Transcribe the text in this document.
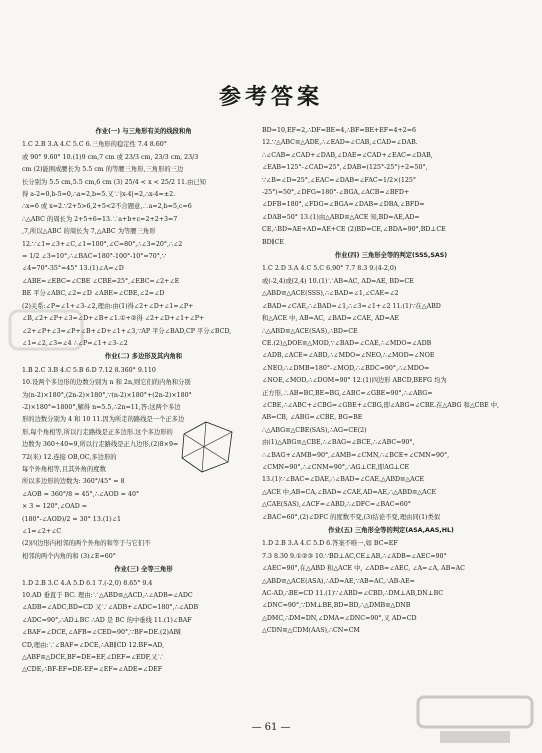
参考答案
作业(一) 与三角形有关的线段和角
1.C 2.B 3.A 4.C 5.C 6.三角形的稳定性 7.4 8.60°
或 90° 9.60° 10.(1)9 cm,7 cm 或 23/3 cm, 23/3 cm, 23/3
cm (2)能围成腰长为 5.5 cm 的等腰三角形,三角形的三边
长分别为 5.5 cm,5.5 cm,6 cm (3) 25/4 < x < 25/2 11.由已知
得 a-2=0,b-5=0,∴a=2,b=5.又∵|x-4|=2,∴x-4=±2.
∴x=6 或 x=2.∵2+5>6,2+5<2不合题意,∴a=2,b=5,c=6
∴△ABC 的周长为 2+5+6=13.∵a+b+c=2+2+3=7
,7,所以△ABC 的周长为 7,△ABC 为等腰三角形
12.∵∠1=∠3+∠C,∠1=100°,∠C=80°,∴∠3=20°,∴∠2
= 1/2 ∠3=10°,∴∠BAC=180°-100°-10°=70°,∵
∠4=70°-35°=45° 13.(1)∠A=∠D
∠ABE=∠EBC=∠CBE ∠CBE=25°,∠EBC=∠2+∠E
BE 平分∠ABC,∠2=∠D ∠ABE=∠CBE,∠2=∠D
(2)关系:∠P=∠1+∠3-∠2,理由:由(1)得∠2+∠D+∠1=∠P+
∠B,∠2+∠P+∠3=∠D+∠B+∠1.①+②得 ∠2+∠D+∠1+∠P+
∠2+∠P+∠3=∠P+∠B+∠D+∠1+∠3,∵AP 平分∠BAD,CP 平分∠BCD,
∠1=∠2,∠3=∠4 ∴∠P=∠1+∠3-∠2
作业(二) 多边形及其内角和
1.B 2.C 3.B 4.C 5.B 6.D 7.12 8.360° 9.110
10.设两个多边形的边数分别为 n 和 2n,则它们的内角和分别
为(n-2)×180°,(2n-2)×180°,∵(n-2)×180°+(2n-2)×180°
-2)×180°=1800°,解得 n=5.5,∴2n=11,答:这两个多边
形的边数分别为 4 和 10 11.因为所走的路线是一个正多边
形,每个角相等,所以行走路线是正多边形.这个多边形的
边数为 360÷40=9,所以行走路线是正九边形,(2)8×9=
72(米) 12.连接 OB,OC,多边形的
每个外角相等,且其外角的度数
所以多边形的边数为: 360°/45° = 8
∠AOB = 360°/8 = 45°,∴∠AOD = 40°
× 3 = 120°,∠OAD =
(180°-∠AOD)/2 = 30° 13.(1)∠1
∠1=∠2+∠C
(2)四边形内相邻的两个外角的和等于与它们不
相邻的两个内角的和 (3)∠E=60°
作业(三) 全等三角形
1.D 2.B 3.C 4.A 5.D 6.1 7.(-2,0) 8.65° 9.4
10.AD 垂直于 BC. 理由:∵△ABD≌△ACD,∴∠ADB=∠ADC
∠ADB=∠ADC,BD=CD 又∵∠ADB+∠ADC=180°,∴∠ADB
∠ADC=90°,∴AD⊥BC ∴AD 是 BC 的中垂线 11.(1)∠BAF
∠BAF=∠DCE,∠AFB=∠CED=90°,∵BF=DE.(2)AB∥
CD,理由:∵∠BAF=∠DCE,∴AB∥CD 12.BF=AD,
△ABF≌△DCE,BF=DE=EF,∠DEF=∠EDF,又∵
△CDE,∴BF-EF=DE-EF=∠EF=∠ADE=∠DEF
BD=10,EF=2,∴DF=BE=4,∴BF=BE+EF=4+2=6
12.∵△ABC≌△ADE,∴∠EAD=∠CAB,∠CAD=∠DAB.
∴∠CAB=∠CAD+∠DAB,∠DAE=∠CAD+∠EAC=∠DAB,
∠EAB=125°-∠CAD=25°,∠DAB=(125°-25°)÷2=50°,
∵∠B=∠D=25°,∠EAC=∠DAB=∠FAC=1/2×(125°
-25°)=50°,∠DFG=180°-∠BGA,∠ACB=∠BFD+
∠DFB=180°,∠FDG=∠BGA=∠DAB=∠DBA,∠BFD=
∠DAB=50° 13.(1)由△ABD≌△ACE 知,BD=AE,AD=
CE,∴BD=AE+AD=AE+CE (2)BD=CE,∠BDA=90°,BD⊥CE
BD∥CE
作业(四) 三角形全等的判定(SSS,SAS)
1.C 2.D 3.A 4.C 5.C 6.90° 7.7 8.3 9.(4-2,0)
或(-2,4)或(2,4) 10.(1)∵AB=AC, AD=AE, BD=CE
△ABD≌△ACE(SSS),∴∠BAD=∠1,∠CAE=∠2
∠BAD=∠CAE,∴∠BAD=∠1,∴∠3=∠1+∠2 11.(1)∵在△ABD
和△ACE 中, AB=AC, ∠BAD=∠CAE, AD=AE
∴△ABD≌△ACE(SAS),∴BD=CE
CE.(2)△DOE≌△MOD,∵∠BAD=∠CAE,∴∠MDO=∠ADB
∠ADB,∠ACE=∠ABD,∴∠MDO=∠NEO,∴∠MOD=∠NOE
∠NEO,∴∠DMB=180°-∠MOD,∴∠BDC=90°,∴∠MDO=
∠NOE,∠MOD,∴∠DOM=90° 12.(1)四边形 ABCD,BEFG 均为
正方形,∴AB=BC,BE=BG,∠ABC=∠GBE=90°,∴∠ABG=
∠CBE,∴∠ABC+∠CBG=∠GBE+∠CBG,即∠ABG=∠CBE.在△ABG 和△CBE 中,
AB=CB, ∠ABG=∠CBE, BG=BE
∴△ABG≌△CBE(SAS),∴AG=CE(2)
由(1)△ABG≌△CBE,∴∠BAG=∠BCE,∴∠ABC=90°,
∴∠BAG+∠AMB=90°,∠AMB=∠CMN,∴∠BCE+∠CMN=90°,
∠CMN=90°,∴∠CNM=90°,∴AG⊥CE,即AG⊥CE
13.(1)∵∠BAC=∠DAE,∴∠BAD=∠CAE,△ABD≌△ACE
△ACE 中,AB=CA,∠BAD=∠CAE,AD=AE,∴△ABD≌△ACE
△CAE(SAS),∠ACF=∠ABD,∴∠DFC=∠BAC=60°
∠BAC=60°,(2)∠DFC 的度数不变,(3)结论不变,理由同(1)类似
作业(五) 三角形全等的判定(ASA,AAS,HL)
1.D 2.B 3.A 4.C 5.D 6.答案不唯一,如 BC=EF
7.3 8.30 9.①②③ 10.∵BD⊥AC,CE⊥AB,∴∠ADB=∠AEC=90°
∠AEC=90°,在△ABD 和△ACE 中, ∠ADB=∠AEC, ∠A=∠A, AB=AC
△ABD≌△ACE(ASA),∴AD=AE,∵AB=AC,∴AB-AE=
AC-AD,∴BE=CD 11.(1)∵∠ABD=∠CBD,∴DM⊥AB,DN⊥BC
∠DNC=90°,∵DM⊥BE,BD=BD,∴△DMB≌△DNB
△DMC,∴DM=DN,∠DMA=∠DNC=90°,又 AD=CD
△CDN≌△CDM(AAS),∴CN=CM
— 61 —
